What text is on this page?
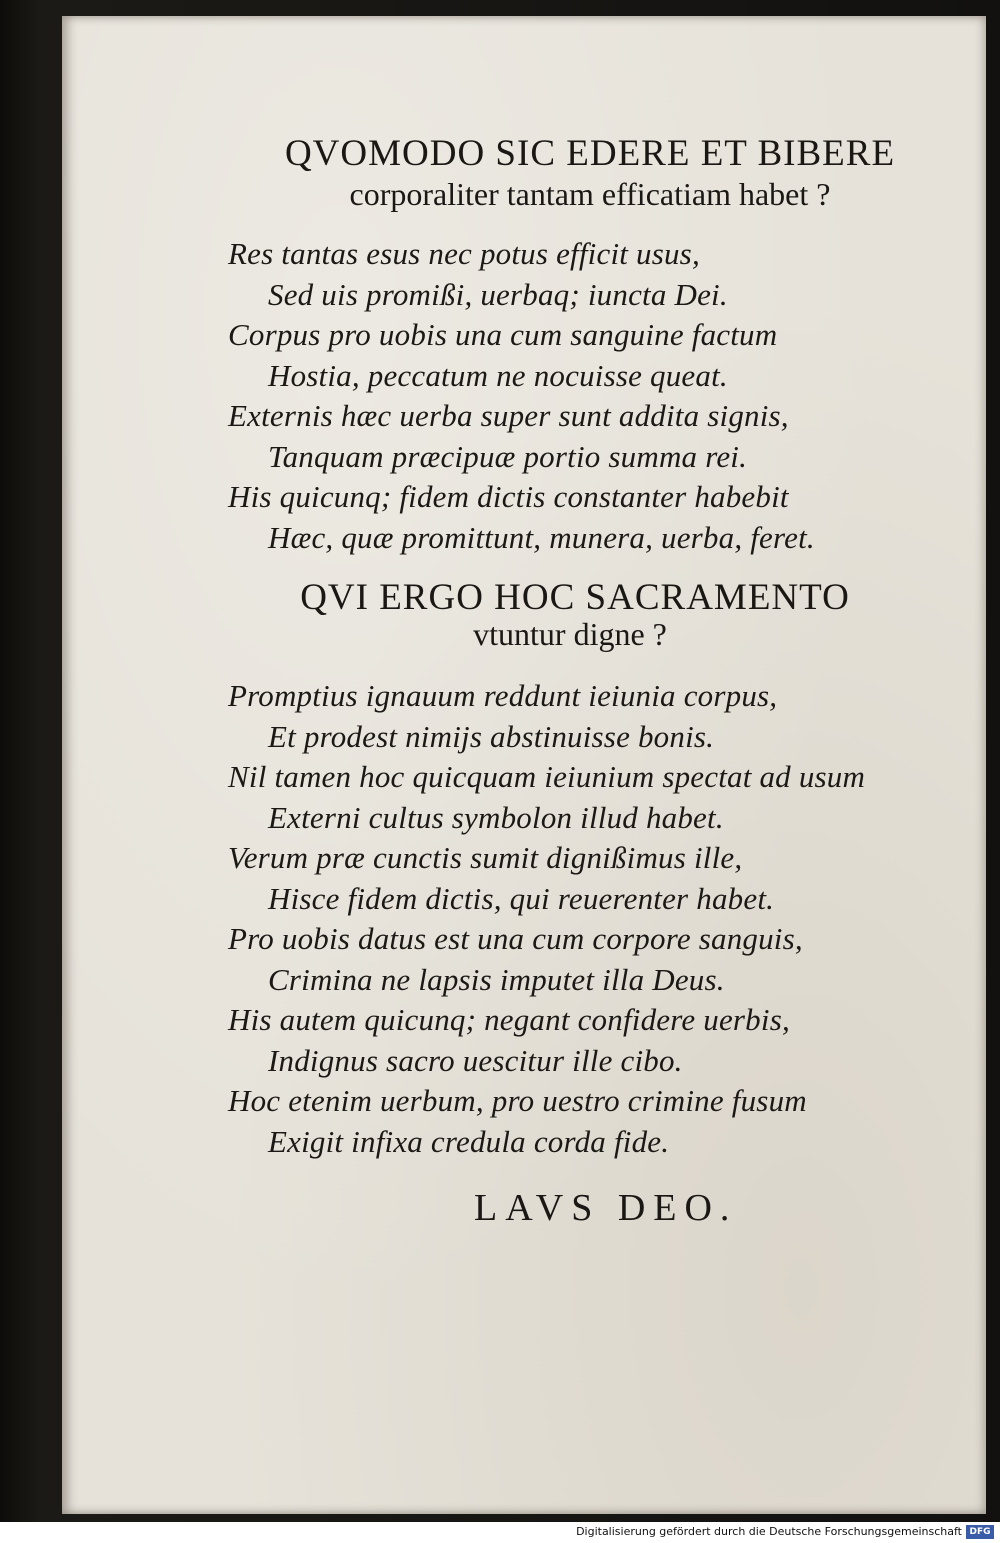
QVOMODO SIC EDERE ET BIBERE
corporaliter tantam efficatiam habet ?
Res tantas esus nec potus efficit usus,
Sed uis promißi, uerbaq; iuncta Dei.
Corpus pro uobis una cum sanguine factum
Hostia, peccatum ne nocuisse queat.
Externis hæc uerba super sunt addita signis,
Tanquam præcipuæ portio summa rei.
His quicunq; fidem dictis constanter habebit
Hæc, quæ promittunt, munera, uerba, feret.
QVI ERGO HOC SACRAMENTO
vtuntur digne ?
Promptius ignauum reddunt ieiunia corpus,
Et prodest nimijs abstinuisse bonis.
Nil tamen hoc quicquam ieiunium spectat ad usum
Externi cultus symbolon illud habet.
Verum præ cunctis sumit dignißimus ille,
Hisce fidem dictis, qui reuerenter habet.
Pro uobis datus est una cum corpore sanguis,
Crimina ne lapsis imputet illa Deus.
His autem quicunq; negant confidere uerbis,
Indignus sacro uescitur ille cibo.
Hoc etenim uerbum, pro uestro crimine fusum
Exigit infixa credula corda fide.
LAVS DEO.
Digitalisierung gefördert durch die Deutsche Forschungsgemeinschaft DFG
